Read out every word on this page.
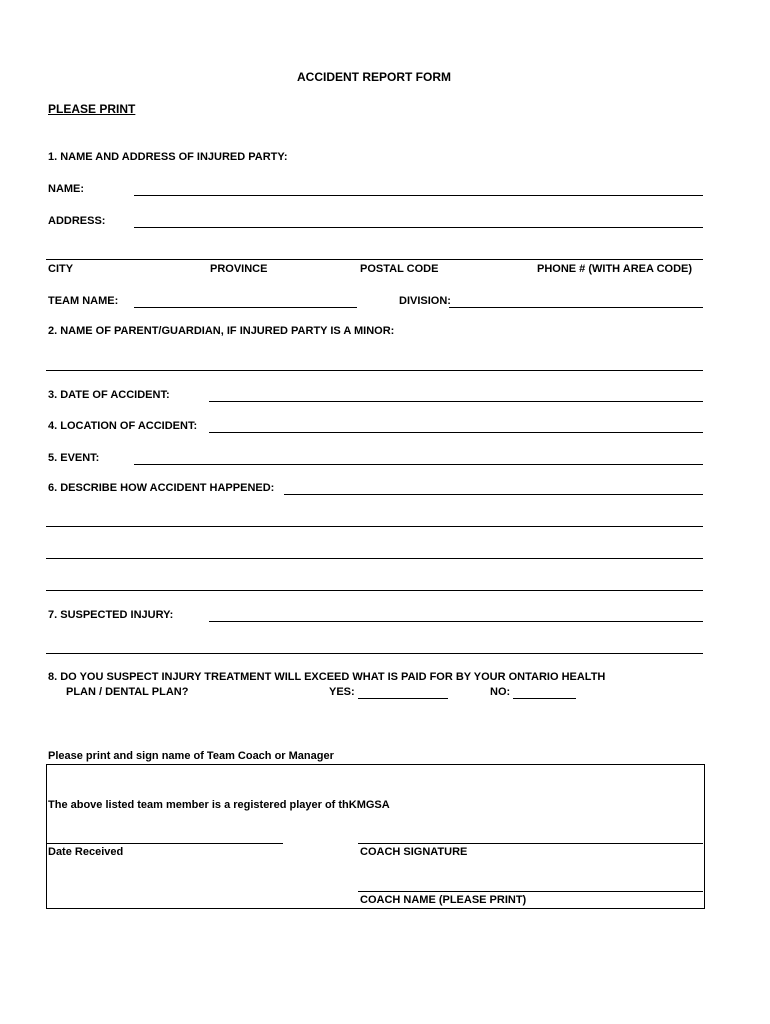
ACCIDENT REPORT FORM
PLEASE PRINT
1. NAME AND ADDRESS OF INJURED PARTY:
NAME:
ADDRESS:
CITY	PROVINCE	POSTAL CODE	PHONE # (WITH AREA CODE)
TEAM NAME:	DIVISION:
2. NAME OF PARENT/GUARDIAN, IF INJURED PARTY IS A MINOR:
3. DATE OF ACCIDENT:
4. LOCATION OF ACCIDENT:
5. EVENT:
6. DESCRIBE HOW ACCIDENT HAPPENED:
7. SUSPECTED INJURY:
8. DO YOU SUSPECT INJURY TREATMENT WILL EXCEED WHAT IS PAID FOR BY YOUR ONTARIO HEALTH
PLAN / DENTAL PLAN?	YES:	NO:
Please print and sign name of Team Coach or Manager
The above listed team member is a registered player of thKMGSA
Date Received	COACH SIGNATURE
COACH NAME (PLEASE PRINT)
